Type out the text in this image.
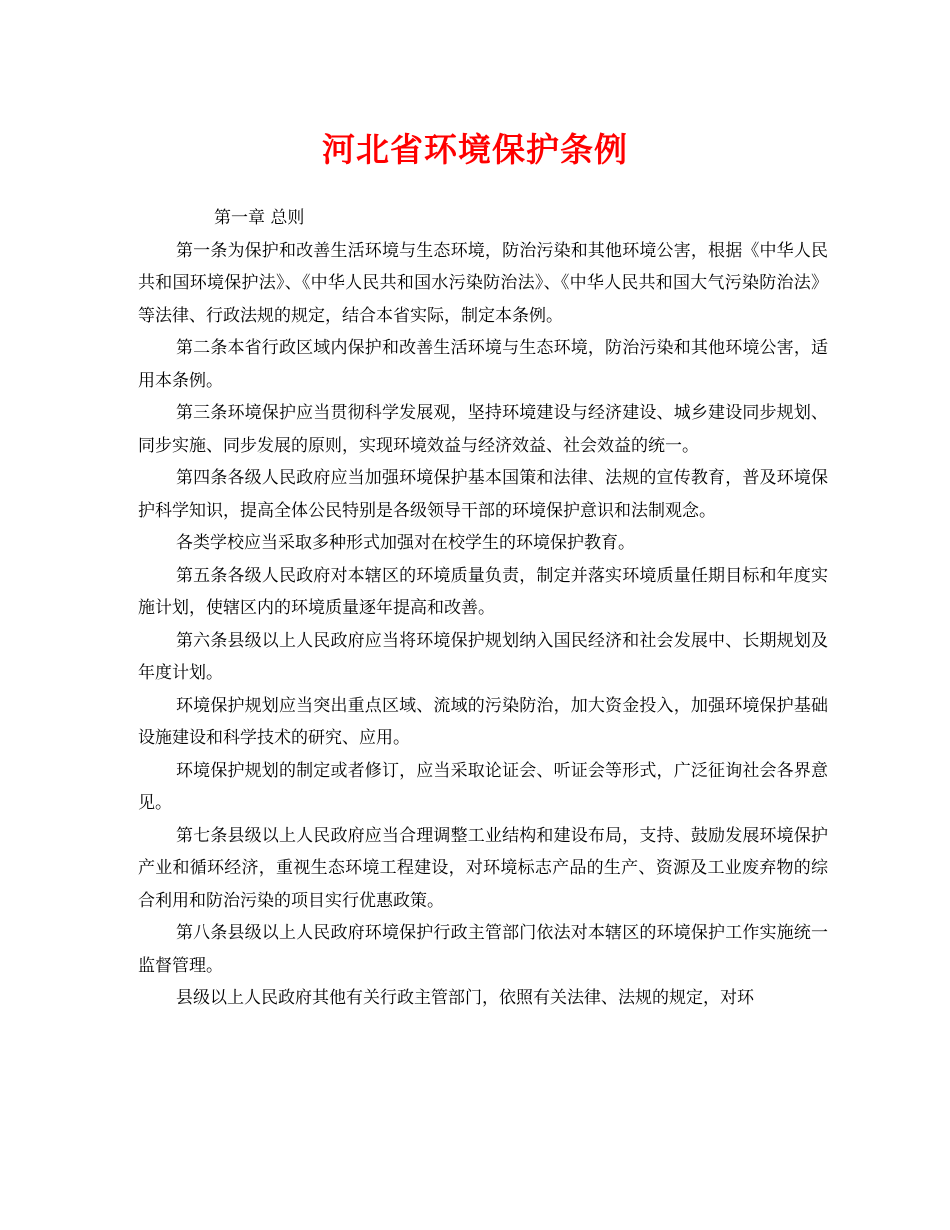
河北省环境保护条例

第一章 总则

第一条为保护和改善生活环境与生态环境，防治污染和其他环境公害，根据《中华人民共和国环境保护法》、《中华人民共和国水污染防治法》、《中华人民共和国大气污染防治法》等法律、行政法规的规定，结合本省实际，制定本条例。

第二条本省行政区域内保护和改善生活环境与生态环境，防治污染和其他环境公害，适用本条例。

第三条环境保护应当贯彻科学发展观，坚持环境建设与经济建设、城乡建设同步规划、同步实施、同步发展的原则，实现环境效益与经济效益、社会效益的统一。

第四条各级人民政府应当加强环境保护基本国策和法律、法规的宣传教育，普及环境保护科学知识，提高全体公民特别是各级领导干部的环境保护意识和法制观念。

各类学校应当采取多种形式加强对在校学生的环境保护教育。

第五条各级人民政府对本辖区的环境质量负责，制定并落实环境质量任期目标和年度实施计划，使辖区内的环境质量逐年提高和改善。

第六条县级以上人民政府应当将环境保护规划纳入国民经济和社会发展中、长期规划及年度计划。

环境保护规划应当突出重点区域、流域的污染防治，加大资金投入，加强环境保护基础设施建设和科学技术的研究、应用。

环境保护规划的制定或者修订，应当采取论证会、听证会等形式，广泛征询社会各界意见。

第七条县级以上人民政府应当合理调整工业结构和建设布局，支持、鼓励发展环境保护产业和循环经济，重视生态环境工程建设，对环境标志产品的生产、资源及工业废弃物的综合利用和防治污染的项目实行优惠政策。

第八条县级以上人民政府环境保护行政主管部门依法对本辖区的环境保护工作实施统一监督管理。

县级以上人民政府其他有关行政主管部门，依照有关法律、法规的规定，对环
